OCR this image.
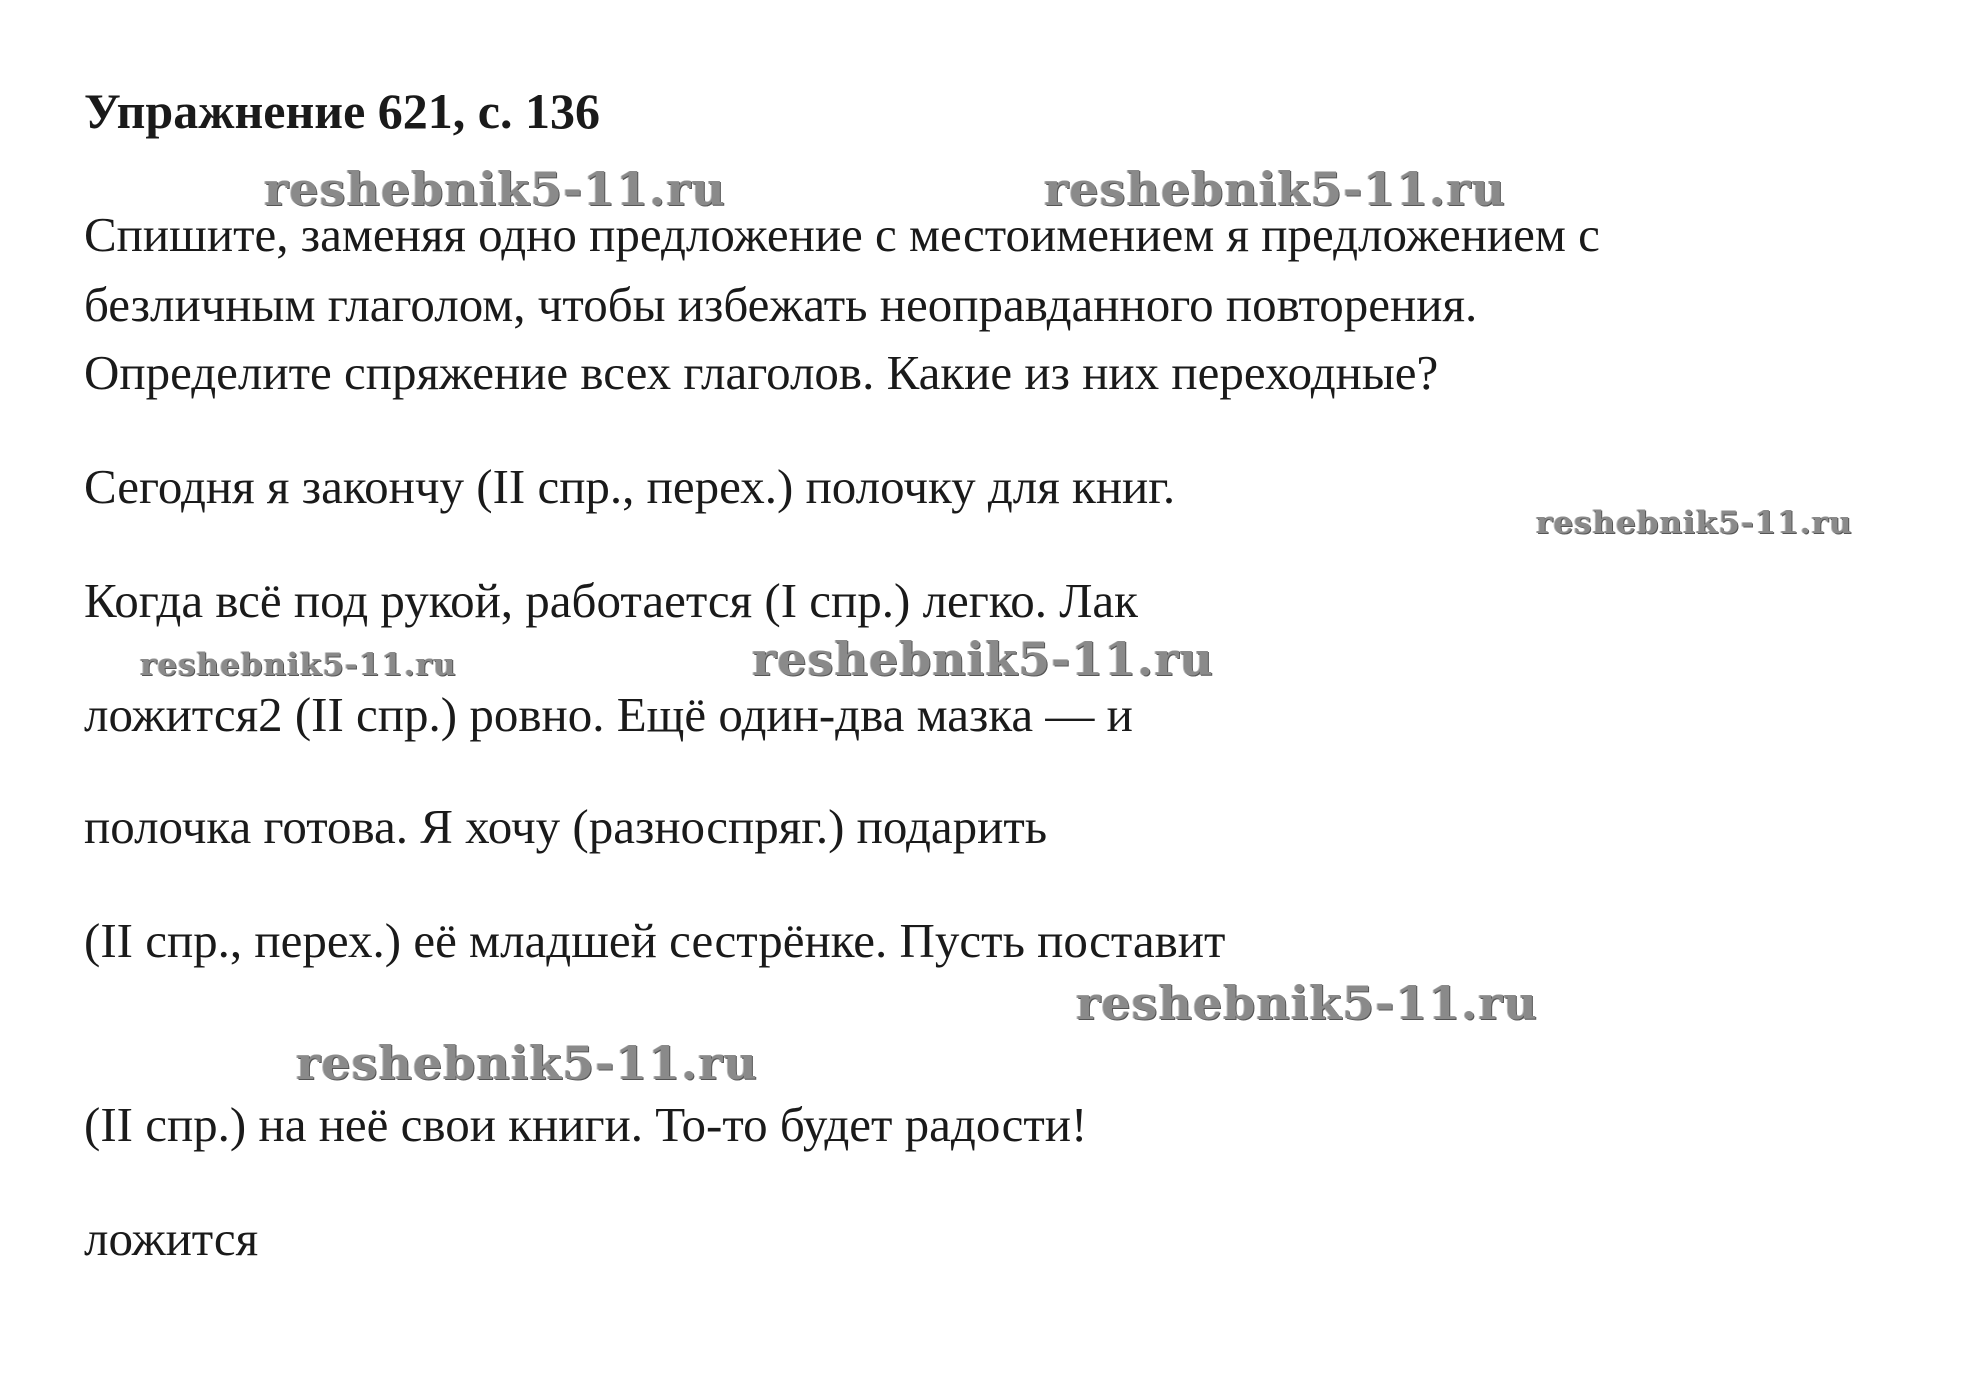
Упражнение 621, с. 136
reshebnik5-11.ru	reshebnik5-11.ru
reshebnik5-11.ru
reshebnik5-11.ru	reshebnik5-11.ru
reshebnik5-11.ru
reshebnik5-11.ru
Спишите, заменяя одно предложение с местоимением я предложением с
безличным глаголом, чтобы избежать неоправданного повторения.
Определите спряжение всех глаголов. Какие из них переходные?
Сегодня я закончу (II спр., перех.) полочку для книг.
Когда всё под рукой, работается (I спр.) легко. Лак
ложится2 (II спр.) ровно. Ещё один-два мазка — и
полочка готова. Я хочу (разноспряг.) подарить
(II спр., перех.) её младшей сестрёнке. Пусть поставит
(II спр.) на неё свои книги. То-то будет радости!
ложится
